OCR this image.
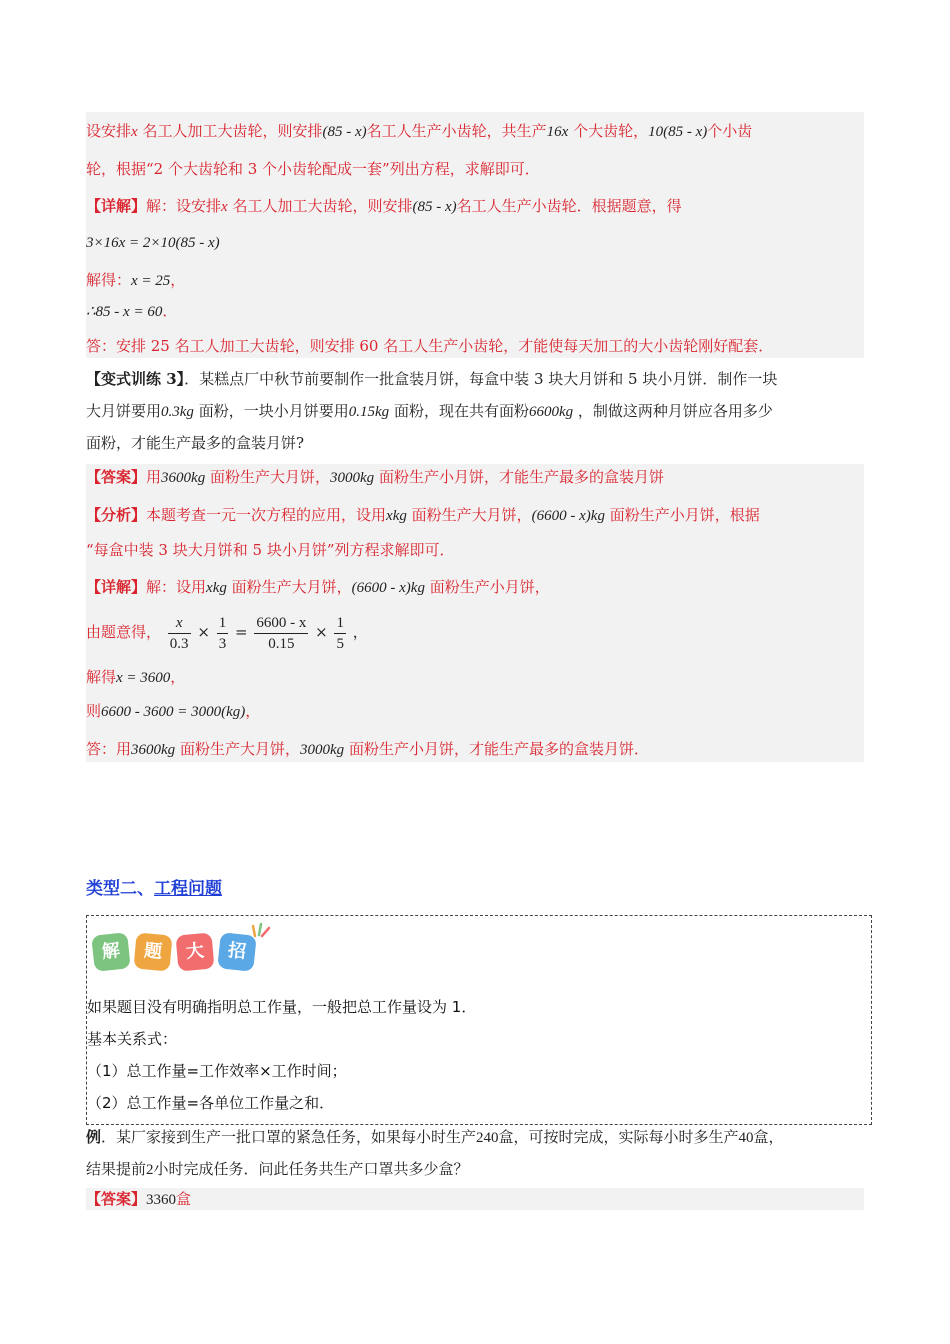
设安排x 名工人加工大齿轮，则安排(85 - x)名工人生产小齿轮，共生产16x 个大齿轮，10(85 - x)个小齿
轮，根据“2 个大齿轮和 3 个小齿轮配成一套”列出方程，求解即可．
【详解】解：设安排x 名工人加工大齿轮，则安排(85 - x)名工人生产小齿轮．根据题意，得
3×16x = 2×10(85 - x)
解得：x = 25，
∴85 - x = 60．
答：安排 25 名工人加工大齿轮，则安排 60 名工人生产小齿轮，才能使每天加工的大小齿轮刚好配套．
【变式训练 3】．某糕点厂中秋节前要制作一批盒装月饼，每盒中装 3 块大月饼和 5 块小月饼．制作一块
大月饼要用0.3kg 面粉，一块小月饼要用0.15kg 面粉，现在共有面粉6600kg ，制做这两种月饼应各用多少
面粉，才能生产最多的盒装月饼?
【答案】用3600kg 面粉生产大月饼，3000kg 面粉生产小月饼，才能生产最多的盒装月饼
【分析】本题考查一元一次方程的应用，设用xkg 面粉生产大月饼，(6600 - x)kg 面粉生产小月饼，根据
“每盒中装 3 块大月饼和 5 块小月饼”列方程求解即可．
【详解】解：设用xkg 面粉生产大月饼，(6600 - x)kg 面粉生产小月饼，
由题意得， $\frac{x}{0.3} \times \frac{1}{3} = \frac{6600 - x}{0.15} \times \frac{1}{5}$ ，
解得x = 3600，
则6600 - 3600 = 3000(kg)，
答：用3600kg 面粉生产大月饼，3000kg 面粉生产小月饼，才能生产最多的盒装月饼．
类型二、工程问题
解	题	大	招
如果题目没有明确指明总工作量，一般把总工作量设为 1．
基本关系式：
（1）总工作量=工作效率×工作时间；
（2）总工作量=各单位工作量之和．
例．某厂家接到生产一批口罩的紧急任务，如果每小时生产240盒，可按时完成，实际每小时多生产40盒，
结果提前2小时完成任务．问此任务共生产口罩共多少盒？
【答案】3360盒
